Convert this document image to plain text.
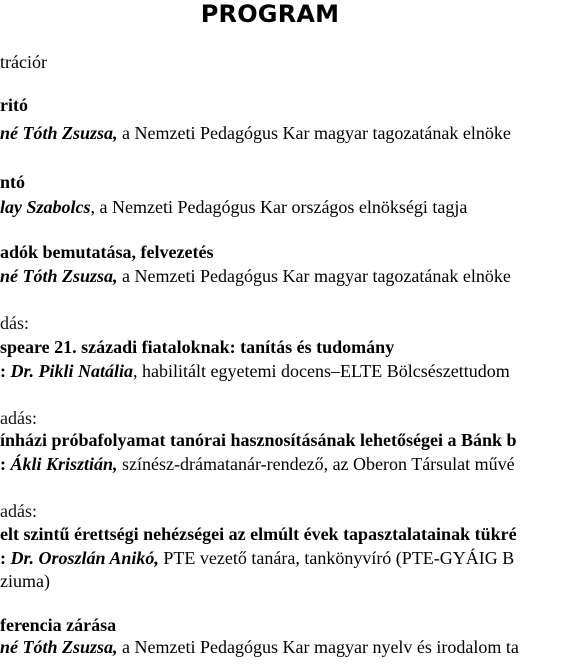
PROGRAM
trációr
ritó
né Tóth Zsuzsa, a Nemzeti Pedagógus Kar magyar tagozatának elnöke
ntó
lay Szabolcs, a Nemzeti Pedagógus Kar országos elnökségi tagja
adók bemutatása, felvezetés
né Tóth Zsuzsa, a Nemzeti Pedagógus Kar magyar tagozatának elnöke
dás:
speare 21. századi fiataloknak: tanítás és tudomány
: Dr. Pikli Natália, habilitált egyetemi docens–ELTE Bölcsészettudom
adás:
ínházi próbafolyamat tanórai hasznosításának lehetőségei a Bánk b
: Ákli Krisztián, színész-drámatanár-rendező, az Oberon Társulat művé
adás:
elt szintű érettségi nehézségei az elmúlt évek tapasztalatainak tükré
: Dr. Oroszlán Anikó, PTE vezető tanára, tankönyvíró (PTE-GYÁIG B
ziuma)
ferencia zárása
né Tóth Zsuzsa, a Nemzeti Pedagógus Kar magyar nyelv és irodalom ta
